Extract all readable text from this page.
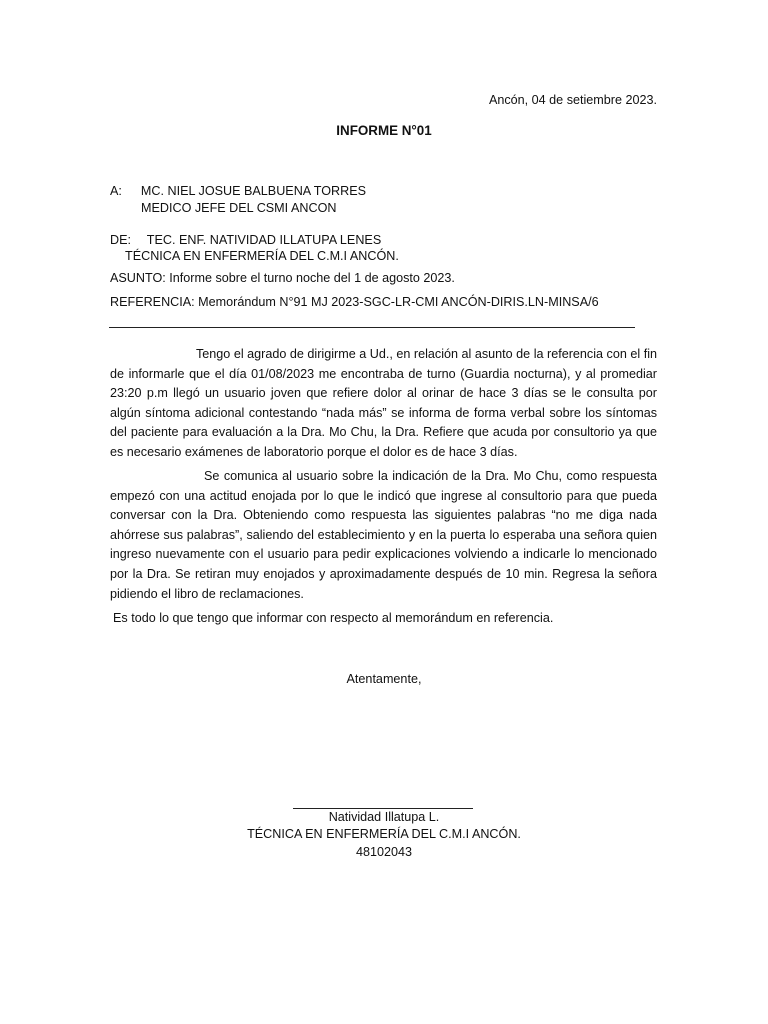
Ancón, 04 de setiembre 2023.
INFORME N°01
A: MC. NIEL JOSUE BALBUENA TORRES
MEDICO JEFE DEL CSMI ANCON
DE: TEC. ENF. NATIVIDAD ILLATUPA LENES
TÉCNICA EN ENFERMERÍA DEL C.M.I ANCÓN.
ASUNTO: Informe sobre el turno noche del 1 de agosto 2023.
REFERENCIA: Memorándum N°91 MJ 2023-SGC-LR-CMI ANCÓN-DIRIS.LN-MINSA/6
Tengo el agrado de dirigirme a Ud., en relación al asunto de la referencia con el fin de informarle que el día 01/08/2023 me encontraba de turno (Guardia nocturna), y al promediar 23:20 p.m llegó un usuario joven que refiere dolor al orinar de hace 3 días se le consulta por algún síntoma adicional contestando “nada más” se informa de forma verbal sobre los síntomas del paciente para evaluación a la Dra. Mo Chu, la Dra. Refiere que acuda por consultorio ya que es necesario exámenes de laboratorio porque el dolor es de hace 3 días.
Se comunica al usuario sobre la indicación de la Dra. Mo Chu, como respuesta empezó con una actitud enojada por lo que le indicó que ingrese al consultorio para que pueda conversar con la Dra. Obteniendo como respuesta las siguientes palabras “no me diga nada ahórrese sus palabras”, saliendo del establecimiento y en la puerta lo esperaba una señora quien ingreso nuevamente con el usuario para pedir explicaciones volviendo a indicarle lo mencionado por la Dra. Se retiran muy enojados y aproximadamente después de 10 min. Regresa la señora pidiendo el libro de reclamaciones.
Es todo lo que tengo que informar con respecto al memorándum en referencia.
Atentamente,
Natividad Illatupa L.
TÉCNICA EN ENFERMERÍA DEL C.M.I ANCÓN.
48102043
